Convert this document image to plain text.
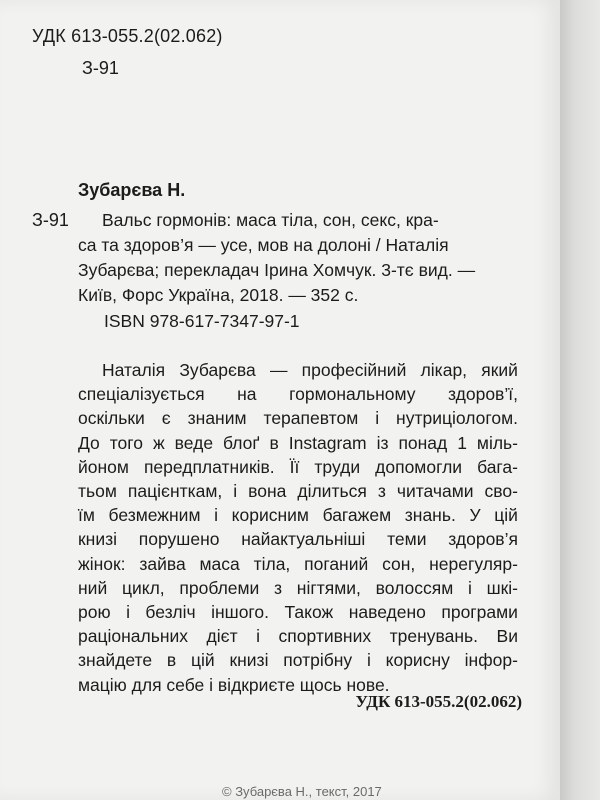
УДК 613-055.2(02.062)
З-91
Зубарєва Н.
З-91	Вальс гормонів: маса тіла, сон, секс, кра-
са та здоров’я — усе, мов на долоні / Наталія
Зубарєва; перекладач Ірина Хомчук. 3-тє вид. —
Київ, Форс Україна, 2018. — 352 с.
ISBN 978-617-7347-97-1
Наталія Зубарєва — професійний лікар, який
спеціалізується на гормональному здоров’ї,
оскільки є знаним терапевтом і нутриціологом.
До того ж веде блоґ в Instagram із понад 1 міль-
йоном передплатників. Її труди допомогли бага-
тьом пацієнткам, і вона ділиться з читачами сво-
їм безмежним і корисним багажем знань. У цій
книзі порушено найактуальніші теми здоров’я
жінок: зайва маса тіла, поганий сон, нерегуляр-
ний цикл, проблеми з нігтями, волоссям і шкі-
рою і безліч іншого. Також наведено програми
раціональних дієт і спортивних тренувань. Ви
знайдете в цій книзі потрібну і корисну інфор-
мацію для себе і відкриєте щось нове.
УДК 613-055.2(02.062)
© Зубарєва Н., текст, 2017
